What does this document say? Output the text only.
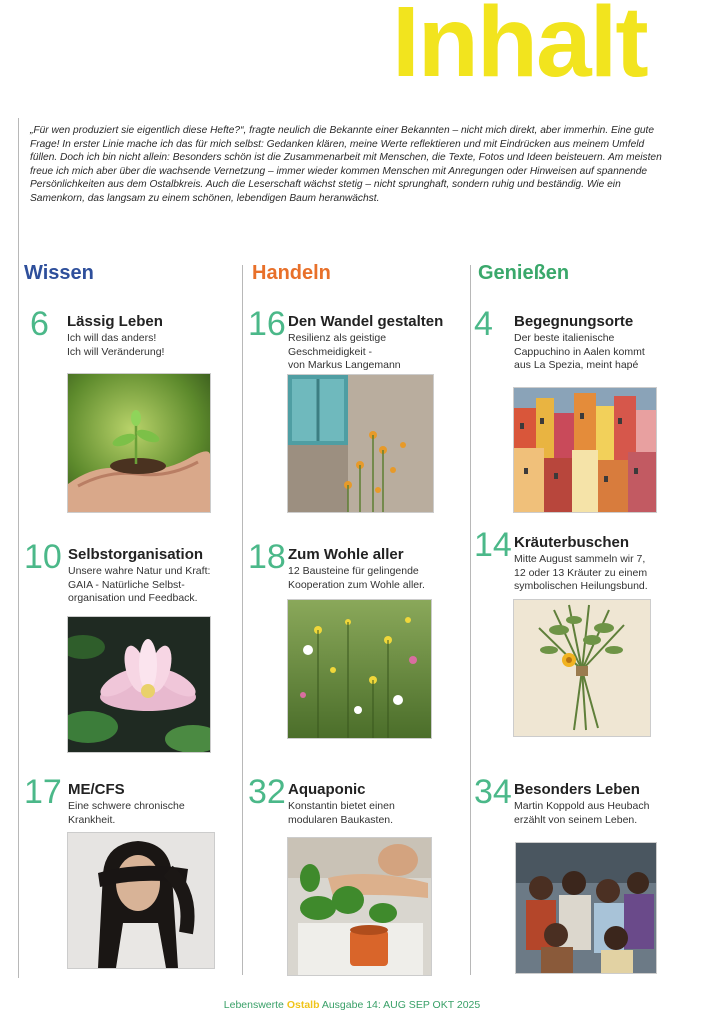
Inhalt
„Für wen produziert sie eigentlich diese Hefte?“, fragte neulich die Bekannte einer Bekannten – nicht mich direkt, aber immerhin. Eine gute Frage! In erster Linie mache ich das für mich selbst: Gedanken klären, meine Werte reflektieren und mit Eindrücken aus meinem Umfeld füllen. Doch ich bin nicht allein: Besonders schön ist die Zusammenarbeit mit Menschen, die Texte, Fotos und Ideen beisteuern. Am meisten freue ich mich aber über die wachsende Vernetzung – immer wieder kommen Menschen mit Anregungen oder Hinweisen auf spannende Persönlichkeiten aus dem Ostalbkreis. Auch die Leserschaft wächst stetig – nicht sprunghaft, sondern ruhig und beständig. Wie ein Samenkorn, das langsam zu einem schönen, lebendigen Baum heranwächst.
Wissen	Handeln	Genießen
6 Lässig Leben
Ich will das anders!
Ich will Veränderung!
10 Selbstorganisation
Unsere wahre Natur und Kraft:
GAIA - Natürliche Selbst-
organisation und Feedback.
17 ME/CFS
Eine schwere chronische
Krankheit.
16 Den Wandel gestalten
Resilienz als geistige
Geschmeidigkeit -
von Markus Langemann
18 Zum Wohle aller
12 Bausteine für gelingende
Kooperation zum Wohle aller.
32 Aquaponic
Konstantin bietet einen
modularen Baukasten.
4 Begegnungsorte
Der beste italienische
Cappuchino in Aalen kommt
aus La Spezia, meint hapé
14 Kräuterbuschen
Mitte August sammeln wir 7,
12 oder 13 Kräuter zu einem
symbolischen Heilungsbund.
34 Besonders Leben
Martin Koppold aus Heubach
erzählt von seinem Leben.
Lebenswerte Ostalb Ausgabe 14: AUG SEP OKT 2025
